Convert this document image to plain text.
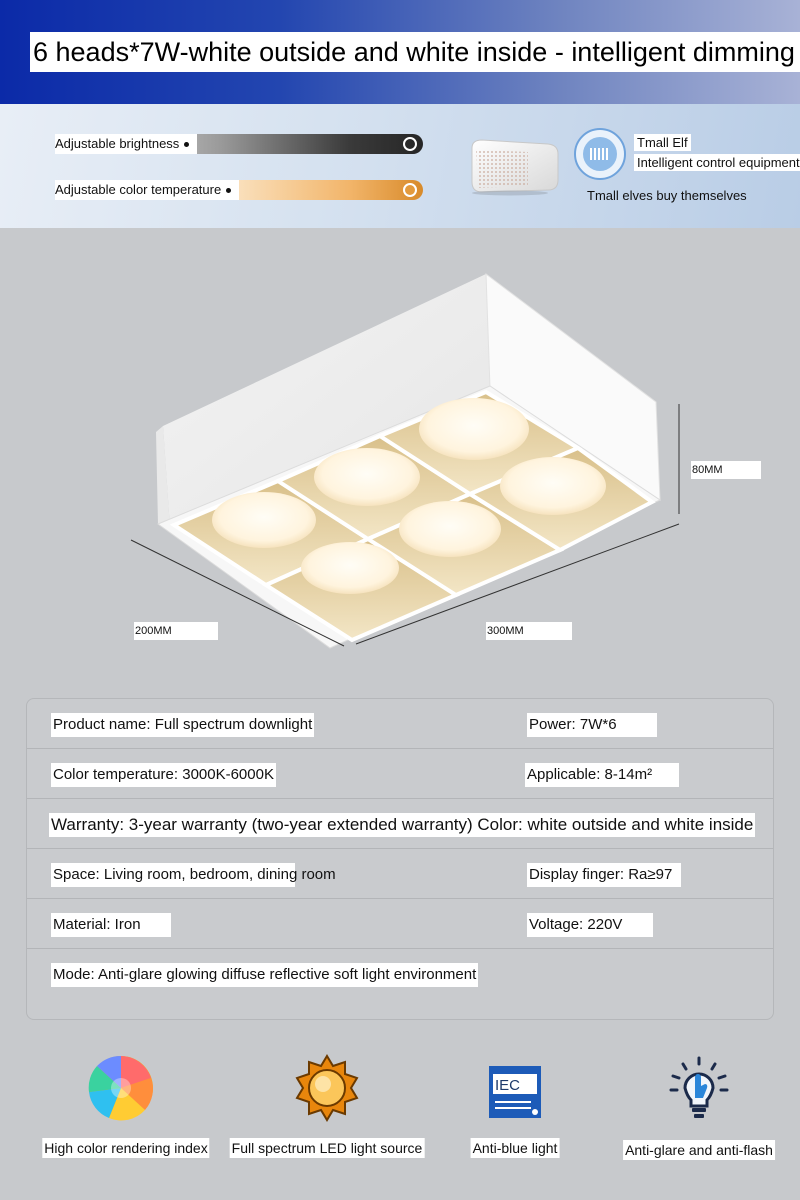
6 heads*7W-white outside and white inside - intelligent dimming
Adjustable brightness
Adjustable color temperature
Tmall Elf
Intelligent control equipment
Tmall elves buy themselves
80MM
200MM	300MM
Product name: Full spectrum downlight	Power: 7W*6
Color temperature: 3000K-6000K	Applicable: 8-14m²
Warranty: 3-year warranty (two-year extended warranty) Color: white outside and white inside
Space: Living room, bedroom, dining room	Display finger: Ra≥97
Material: Iron	Voltage: 220V
Mode: Anti-glare glowing diffuse reflective soft light environment
High color rendering index Full spectrum LED light source
IEC
Anti-blue light	Anti-glare and anti-flash
